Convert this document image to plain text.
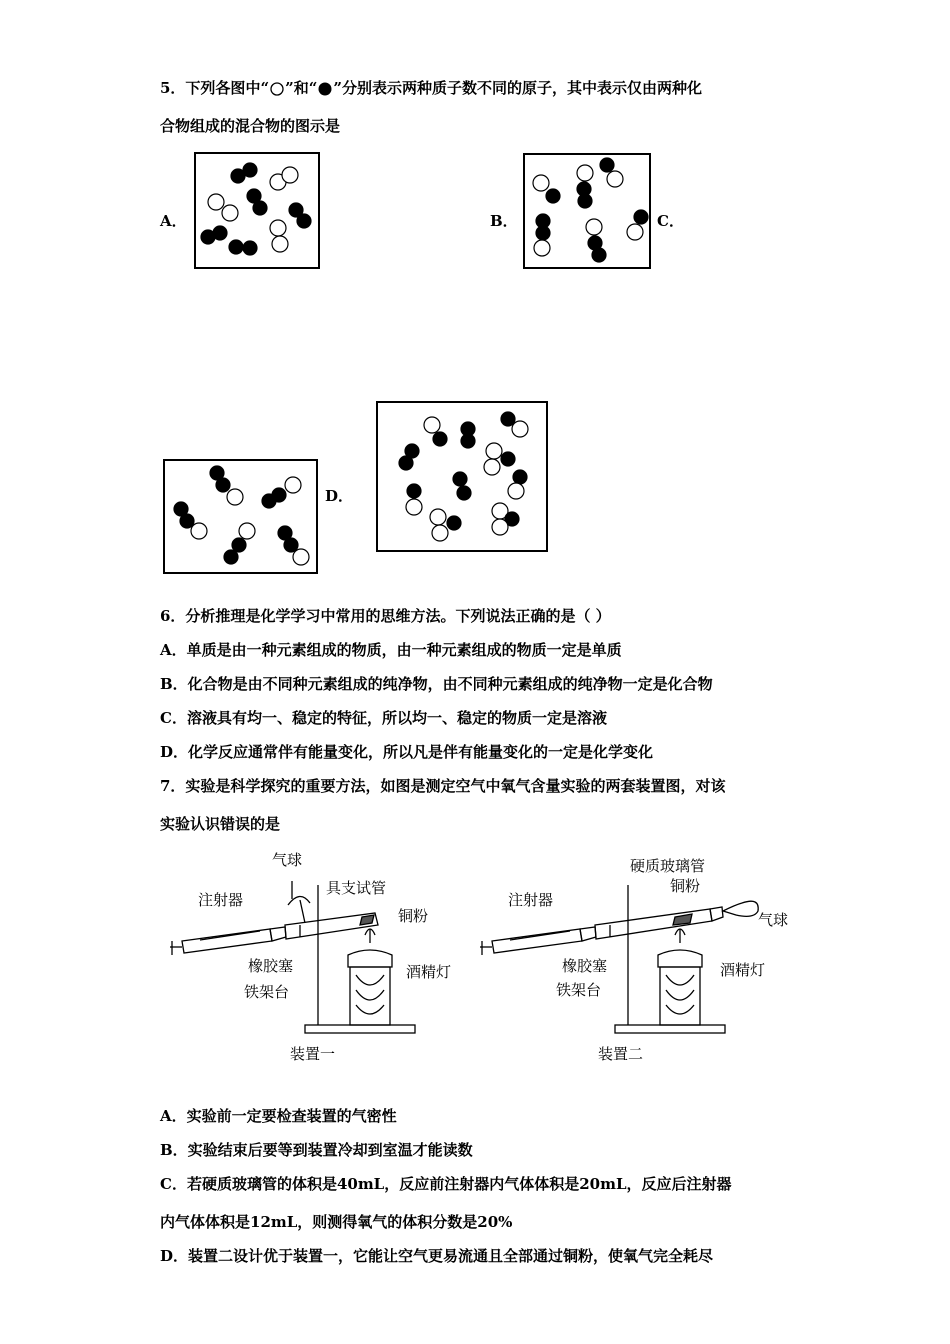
5．下列各图中“ ”和“ ”分别表示两种质子数不同的原子，其中表示仅由两种化
合物组成的混合物的图示是
A．	B．	C．
D．
6．分析推理是化学学习中常用的思维方法。下列说法正确的是（ ）
A．单质是由一种元素组成的物质，由一种元素组成的物质一定是单质
B．化合物是由不同种元素组成的纯净物，由不同种元素组成的纯净物一定是化合物
C．溶液具有均一、稳定的特征，所以均一、稳定的物质一定是溶液
D．化学反应通常伴有能量变化，所以凡是伴有能量变化的一定是化学变化
7．实验是科学探究的重要方法，如图是测定空气中氧气含量实验的两套装置图，对该
实验认识错误的是
气球
具支试管
注射器
铜粉
橡胶塞	酒精灯
铁架台
装置一
硬质玻璃管
铜粉
注射器
气球
橡胶塞	酒精灯
铁架台
装置二
A．实验前一定要检查装置的气密性
B．实验结束后要等到装置冷却到室温才能读数
C．若硬质玻璃管的体积是40mL，反应前注射器内气体体积是20mL，反应后注射器
内气体体积是12mL，则测得氧气的体积分数是20%
D．装置二设计优于装置一，它能让空气更易流通且全部通过铜粉，使氧气完全耗尽
